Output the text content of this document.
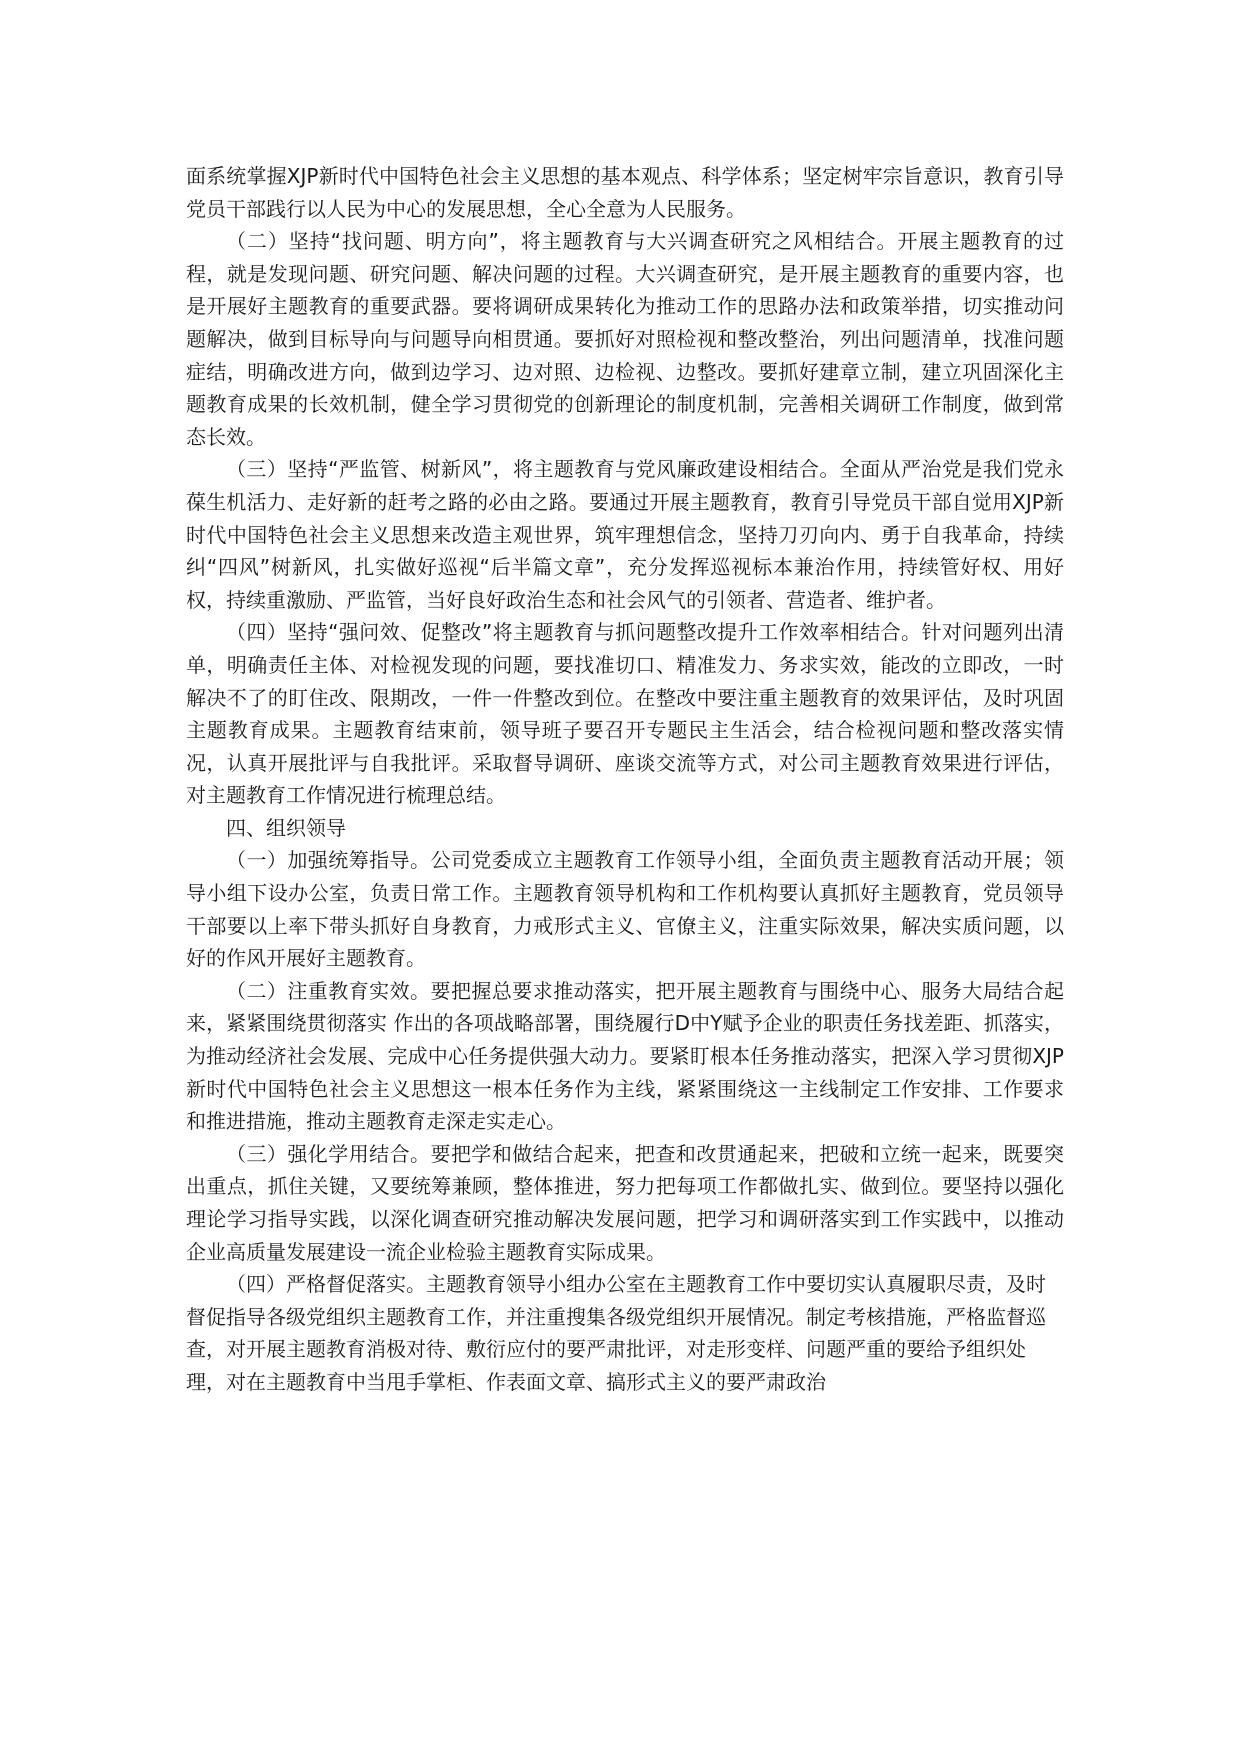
面系统掌握XJP新时代中国特色社会主义思想的基本观点、科学体系；坚定树牢宗旨意识，教育引导党员干部践行以人民为中心的发展思想，全心全意为人民服务。

（二）坚持“找问题、明方向”，将主题教育与大兴调查研究之风相结合。开展主题教育的过程，就是发现问题、研究问题、解决问题的过程。大兴调查研究，是开展主题教育的重要内容，也是开展好主题教育的重要武器。要将调研成果转化为推动工作的思路办法和政策举措，切实推动问题解决，做到目标导向与问题导向相贯通。要抓好对照检视和整改整治，列出问题清单，找准问题症结，明确改进方向，做到边学习、边对照、边检视、边整改。要抓好建章立制，建立巩固深化主题教育成果的长效机制，健全学习贯彻党的创新理论的制度机制，完善相关调研工作制度，做到常态长效。

（三）坚持“严监管、树新风”，将主题教育与党风廉政建设相结合。全面从严治党是我们党永葆生机活力、走好新的赶考之路的必由之路。要通过开展主题教育，教育引导党员干部自觉用XJP新时代中国特色社会主义思想来改造主观世界，筑牢理想信念，坚持刀刃向内、勇于自我革命，持续纠“四风”树新风，扎实做好巡视“后半篇文章”，充分发挥巡视标本兼治作用，持续管好权、用好权，持续重激励、严监管，当好良好政治生态和社会风气的引领者、营造者、维护者。

（四）坚持“强问效、促整改”将主题教育与抓问题整改提升工作效率相结合。针对问题列出清单，明确责任主体、对检视发现的问题，要找准切口、精准发力、务求实效，能改的立即改，一时解决不了的盯住改、限期改，一件一件整改到位。在整改中要注重主题教育的效果评估，及时巩固主题教育成果。主题教育结束前，领导班子要召开专题民主生活会，结合检视问题和整改落实情况，认真开展批评与自我批评。采取督导调研、座谈交流等方式，对公司主题教育效果进行评估，对主题教育工作情况进行梳理总结。

四、组织领导

（一）加强统筹指导。公司党委成立主题教育工作领导小组，全面负责主题教育活动开展；领导小组下设办公室，负责日常工作。主题教育领导机构和工作机构要认真抓好主题教育，党员领导干部要以上率下带头抓好自身教育，力戒形式主义、官僚主义，注重实际效果，解决实质问题，以好的作风开展好主题教育。

（二）注重教育实效。要把握总要求推动落实，把开展主题教育与围绕中心、服务大局结合起来，紧紧围绕贯彻落实 作出的各项战略部署，围绕履行D中Y赋予企业的职责任务找差距、抓落实，为推动经济社会发展、完成中心任务提供强大动力。要紧盯根本任务推动落实，把深入学习贯彻XJP新时代中国特色社会主义思想这一根本任务作为主线，紧紧围绕这一主线制定工作安排、工作要求和推进措施，推动主题教育走深走实走心。

（三）强化学用结合。要把学和做结合起来，把查和改贯通起来，把破和立统一起来，既要突出重点，抓住关键，又要统筹兼顾，整体推进，努力把每项工作都做扎实、做到位。要坚持以强化理论学习指导实践，以深化调查研究推动解决发展问题，把学习和调研落实到工作实践中，以推动企业高质量发展建设一流企业检验主题教育实际成果。

（四）严格督促落实。主题教育领导小组办公室在主题教育工作中要切实认真履职尽责，及时督促指导各级党组织主题教育工作，并注重搜集各级党组织开展情况。制定考核措施，严格监督巡查，对开展主题教育消极对待、敷衍应付的要严肃批评，对走形变样、问题严重的要给予组织处理，对在主题教育中当甩手掌柜、作表面文章、搞形式主义的要严肃政治
